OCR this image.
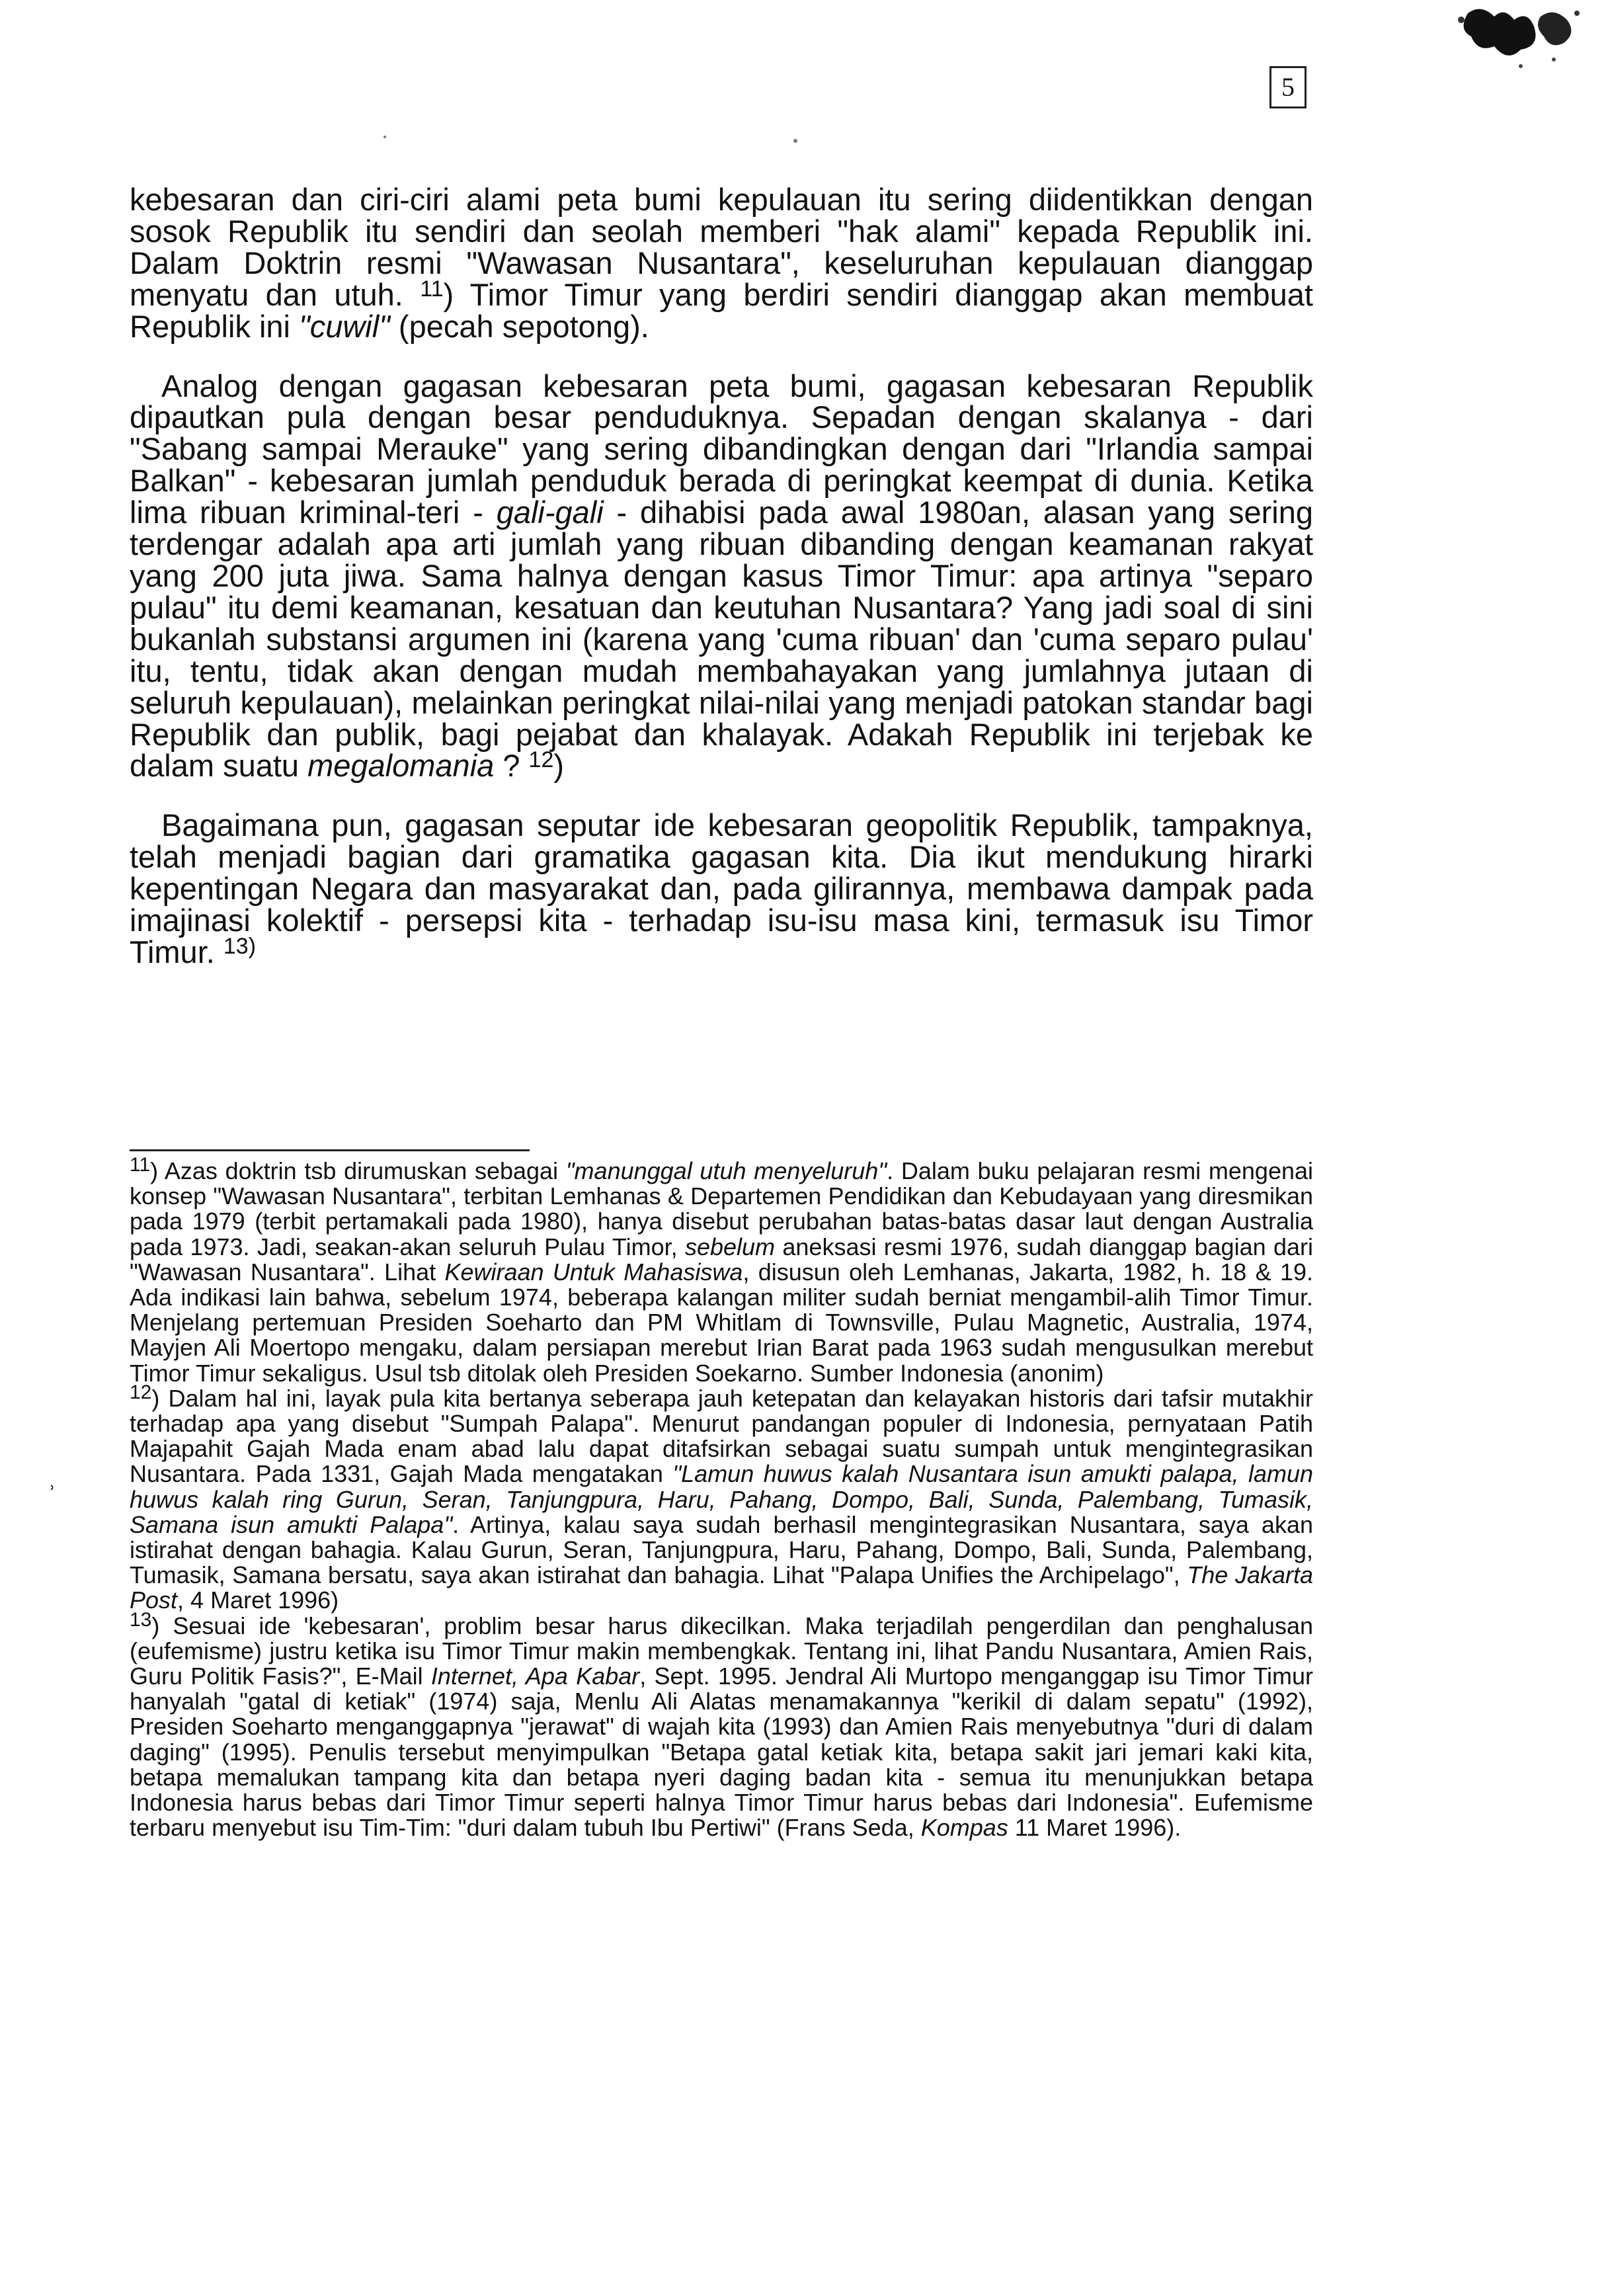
5
˒

kebesaran dan ciri-ciri alami peta bumi kepulauan itu sering diidentikkan dengan sosok Republik itu sendiri dan seolah memberi "hak alami" kepada Republik ini. Dalam Doktrin resmi "Wawasan Nusantara", keseluruhan kepulauan dianggap menyatu dan utuh. $^{11}$) Timor Timur yang berdiri sendiri dianggap akan membuat Republik ini "cuwil" (pecah sepotong).

Analog dengan gagasan kebesaran peta bumi, gagasan kebesaran Republik dipautkan pula dengan besar penduduknya. Sepadan dengan skalanya - dari "Sabang sampai Merauke" yang sering dibandingkan dengan dari "Irlandia sampai Balkan" - kebesaran jumlah penduduk berada di peringkat keempat di dunia. Ketika lima ribuan kriminal-teri - gali-gali - dihabisi pada awal 1980an, alasan yang sering terdengar adalah apa arti jumlah yang ribuan dibanding dengan keamanan rakyat yang 200 juta jiwa. Sama halnya dengan kasus Timor Timur: apa artinya "separo pulau" itu demi keamanan, kesatuan dan keutuhan Nusantara? Yang jadi soal di sini bukanlah substansi argumen ini (karena yang 'cuma ribuan' dan 'cuma separo pulau' itu, tentu, tidak akan dengan mudah membahayakan yang jumlahnya jutaan di seluruh kepulauan), melainkan peringkat nilai-nilai yang menjadi patokan standar bagi Republik dan publik, bagi pejabat dan khalayak. Adakah Republik ini terjebak ke dalam suatu megalomania ? $^{12}$)

Bagaimana pun, gagasan seputar ide kebesaran geopolitik Republik, tampaknya, telah menjadi bagian dari gramatika gagasan kita. Dia ikut mendukung hirarki kepentingan Negara dan masyarakat dan, pada gilirannya, membawa dampak pada imajinasi kolektif - persepsi kita - terhadap isu-isu masa kini, termasuk isu Timor Timur. $^{13)}$

$^{11}$) Azas doktrin tsb dirumuskan sebagai "manunggal utuh menyeluruh". Dalam buku pelajaran resmi mengenai konsep "Wawasan Nusantara", terbitan Lemhanas & Departemen Pendidikan dan Kebudayaan yang diresmikan pada 1979 (terbit pertamakali pada 1980), hanya disebut perubahan batas-batas dasar laut dengan Australia pada 1973. Jadi, seakan-akan seluruh Pulau Timor, sebelum aneksasi resmi 1976, sudah dianggap bagian dari "Wawasan Nusantara". Lihat Kewiraan Untuk Mahasiswa, disusun oleh Lemhanas, Jakarta, 1982, h. 18 & 19. Ada indikasi lain bahwa, sebelum 1974, beberapa kalangan militer sudah berniat mengambil-alih Timor Timur. Menjelang pertemuan Presiden Soeharto dan PM Whitlam di Townsville, Pulau Magnetic, Australia, 1974, Mayjen Ali Moertopo mengaku, dalam persiapan merebut Irian Barat pada 1963 sudah mengusulkan merebut Timor Timur sekaligus. Usul tsb ditolak oleh Presiden Soekarno. Sumber Indonesia (anonim)

$^{12}$) Dalam hal ini, layak pula kita bertanya seberapa jauh ketepatan dan kelayakan historis dari tafsir mutakhir terhadap apa yang disebut "Sumpah Palapa". Menurut pandangan populer di Indonesia, pernyataan Patih Majapahit Gajah Mada enam abad lalu dapat ditafsirkan sebagai suatu sumpah untuk mengintegrasikan Nusantara. Pada 1331, Gajah Mada mengatakan "Lamun huwus kalah Nusantara isun amukti palapa, lamun huwus kalah ring Gurun, Seran, Tanjungpura, Haru, Pahang, Dompo, Bali, Sunda, Palembang, Tumasik, Samana isun amukti Palapa". Artinya, kalau saya sudah berhasil mengintegrasikan Nusantara, saya akan istirahat dengan bahagia. Kalau Gurun, Seran, Tanjungpura, Haru, Pahang, Dompo, Bali, Sunda, Palembang, Tumasik, Samana bersatu, saya akan istirahat dan bahagia. Lihat "Palapa Unifies the Archipelago", The Jakarta Post, 4 Maret 1996)

$^{13}$) Sesuai ide 'kebesaran', problim besar harus dikecilkan. Maka terjadilah pengerdilan dan penghalusan (eufemisme) justru ketika isu Timor Timur makin membengkak. Tentang ini, lihat Pandu Nusantara, Amien Rais, Guru Politik Fasis?", E-Mail Internet, Apa Kabar, Sept. 1995. Jendral Ali Murtopo menganggap isu Timor Timur hanyalah "gatal di ketiak" (1974) saja, Menlu Ali Alatas menamakannya "kerikil di dalam sepatu" (1992), Presiden Soeharto menganggapnya "jerawat" di wajah kita (1993) dan Amien Rais menyebutnya "duri di dalam daging" (1995). Penulis tersebut menyimpulkan "Betapa gatal ketiak kita, betapa sakit jari jemari kaki kita, betapa memalukan tampang kita dan betapa nyeri daging badan kita - semua itu menunjukkan betapa Indonesia harus bebas dari Timor Timur seperti halnya Timor Timur harus bebas dari Indonesia". Eufemisme terbaru menyebut isu Tim-Tim: "duri dalam tubuh Ibu Pertiwi" (Frans Seda, Kompas 11 Maret 1996).
